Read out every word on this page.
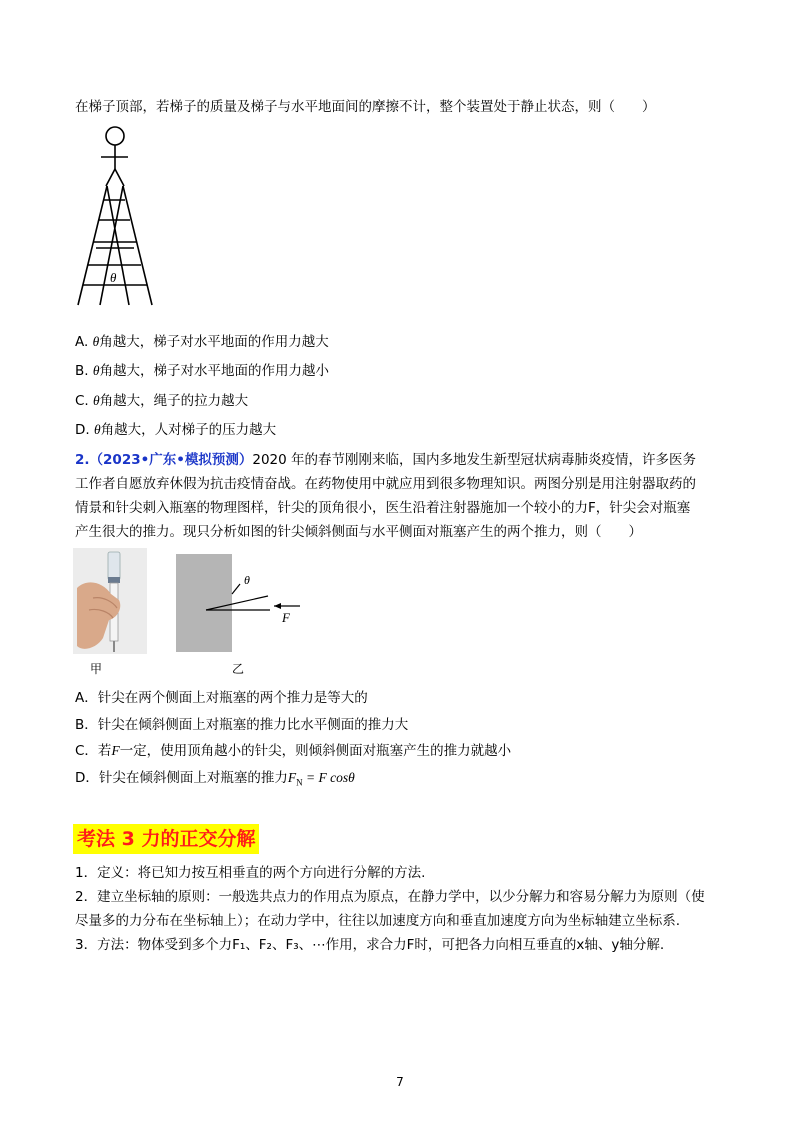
在梯子顶部，若梯子的质量及梯子与水平地面间的摩擦不计，整个装置处于静止状态，则（　　）
θ
A. θ角越大，梯子对水平地面的作用力越大
B. θ角越大，梯子对水平地面的作用力越小
C. θ角越大，绳子的拉力越大
D. θ角越大，人对梯子的压力越大
2.（2023•广东•模拟预测）2020 年的春节刚刚来临，国内多地发生新型冠状病毒肺炎疫情，许多医务
工作者自愿放弃休假为抗击疫情奋战。在药物使用中就应用到很多物理知识。两图分别是用注射器取药的
情景和针尖刺入瓶塞的物理图样，针尖的顶角很小，医生沿着注射器施加一个较小的力F，针尖会对瓶塞
产生很大的推力。现只分析如图的针尖倾斜侧面与水平侧面对瓶塞产生的两个推力，则（　　）
甲
θ
F
乙
A．针尖在两个侧面上对瓶塞的两个推力是等大的
B．针尖在倾斜侧面上对瓶塞的推力比水平侧面的推力大
C．若F一定，使用顶角越小的针尖，则倾斜侧面对瓶塞产生的推力就越小
D．针尖在倾斜侧面上对瓶塞的推力$F_N = F$ cosθ
考法 3 力的正交分解
1．定义：将已知力按互相垂直的两个方向进行分解的方法.
2．建立坐标轴的原则：一般选共点力的作用点为原点，在静力学中，以少分解力和容易分解力为原则（使
尽量多的力分布在坐标轴上）；在动力学中，往往以加速度方向和垂直加速度方向为坐标轴建立坐标系.
3．方法：物体受到多个力F₁、F₂、F₃、⋯作用，求合力F时，可把各力向相互垂直的x轴、y轴分解.
7
